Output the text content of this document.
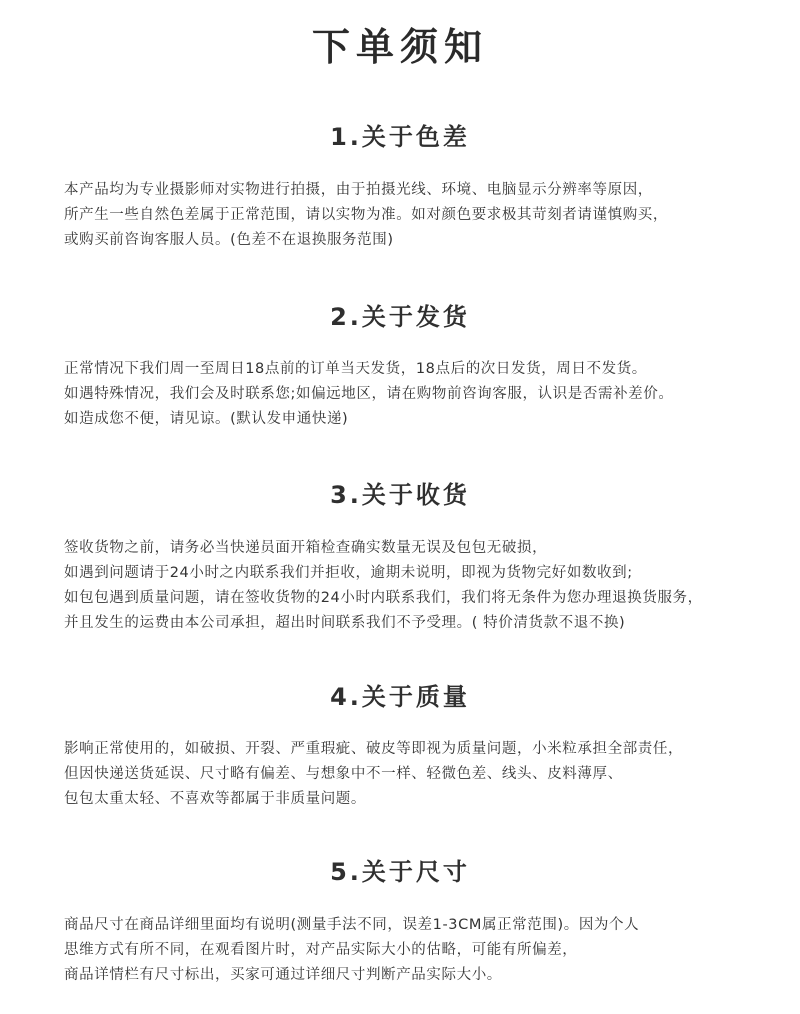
下单须知
1.关于色差
本产品均为专业摄影师对实物进行拍摄，由于拍摄光线、环境、电脑显示分辨率等原因，
所产生一些自然色差属于正常范围，请以实物为准。如对颜色要求极其苛刻者请谨慎购买，
或购买前咨询客服人员。(色差不在退换服务范围)
2.关于发货
正常情况下我们周一至周日18点前的订单当天发货，18点后的次日发货，周日不发货。
如遇特殊情况，我们会及时联系您;如偏远地区，请在购物前咨询客服，认识是否需补差价。
如造成您不便，请见谅。(默认发申通快递)
3.关于收货
签收货物之前，请务必当快递员面开箱检查确实数量无误及包包无破损，
如遇到问题请于24小时之内联系我们并拒收，逾期未说明，即视为货物完好如数收到;
如包包遇到质量问题，请在签收货物的24小时内联系我们，我们将无条件为您办理退换货服务，
并且发生的运费由本公司承担，超出时间联系我们不予受理。( 特价清货款不退不换)
4.关于质量
影响正常使用的，如破损、开裂、严重瑕疵、破皮等即视为质量问题，小米粒承担全部责任，
但因快递送货延误、尺寸略有偏差、与想象中不一样、轻微色差、线头、皮料薄厚、
包包太重太轻、不喜欢等都属于非质量问题。
5.关于尺寸
商品尺寸在商品详细里面均有说明(测量手法不同，误差1-3CM属正常范围)。因为个人
思维方式有所不同，在观看图片时，对产品实际大小的估略，可能有所偏差，
商品详情栏有尺寸标出，买家可通过详细尺寸判断产品实际大小。
